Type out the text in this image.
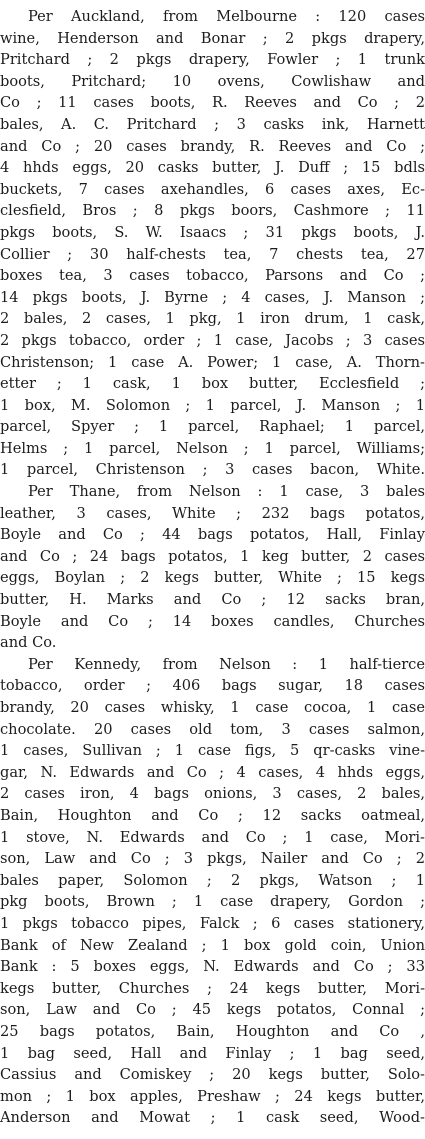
Per Auckland, from Melbourne : 120 cases
wine, Henderson and Bonar ; 2 pkgs drapery,
Pritchard ; 2 pkgs drapery, Fowler ; 1 trunk
boots, Pritchard; 10 ovens, Cowlishaw and
Co ; 11 cases boots, R. Reeves and Co ; 2
bales, A. C. Pritchard ; 3 casks ink, Harnett
and Co ; 20 cases brandy, R. Reeves and Co ;
4 hhds eggs, 20 casks butter, J. Duff ; 15 bdls
buckets, 7 cases axehandles, 6 cases axes, Ec-
clesfield, Bros ; 8 pkgs boors, Cashmore ; 11
pkgs boots, S. W. Isaacs ; 31 pkgs boots, J.
Collier ; 30 half-chests tea, 7 chests tea, 27
boxes tea, 3 cases tobacco, Parsons and Co ;
14 pkgs boots, J. Byrne ; 4 cases, J. Manson ;
2 bales, 2 cases, 1 pkg, 1 iron drum, 1 cask,
2 pkgs tobacco, order ; 1 case, Jacobs ; 3 cases
Christenson; 1 case A. Power; 1 case, A. Thorn-
etter ; 1 cask, 1 box butter, Ecclesfield ;
1 box, M. Solomon ; 1 parcel, J. Manson ; 1
parcel, Spyer ; 1 parcel, Raphael; 1 parcel,
Helms ; 1 parcel, Nelson ; 1 parcel, Williams;
1 parcel, Christenson ; 3 cases bacon, White.
Per Thane, from Nelson : 1 case, 3 bales
leather, 3 cases, White ; 232 bags potatos,
Boyle and Co ; 44 bags potatos, Hall, Finlay
and Co ; 24 bags potatos, 1 keg butter, 2 cases
eggs, Boylan ; 2 kegs butter, White ; 15 kegs
butter, H. Marks and Co ; 12 sacks bran,
Boyle and Co ; 14 boxes candles, Churches
and Co.
Per Kennedy, from Nelson : 1 half-tierce
tobacco, order ; 406 bags sugar, 18 cases
brandy, 20 cases whisky, 1 case cocoa, 1 case
chocolate. 20 cases old tom, 3 cases salmon,
1 cases, Sullivan ; 1 case figs, 5 qr-casks vine-
gar, N. Edwards and Co ; 4 cases, 4 hhds eggs,
2 cases iron, 4 bags onions, 3 cases, 2 bales,
Bain, Houghton and Co ; 12 sacks oatmeal,
1 stove, N. Edwards and Co ; 1 case, Mori-
son, Law and Co ; 3 pkgs, Nailer and Co ; 2
bales paper, Solomon ; 2 pkgs, Watson ; 1
pkg boots, Brown ; 1 case drapery, Gordon ;
1 pkgs tobacco pipes, Falck ; 6 cases stationery,
Bank of New Zealand ; 1 box gold coin, Union
Bank : 5 boxes eggs, N. Edwards and Co ; 33
kegs butter, Churches ; 24 kegs butter, Mori-
son, Law and Co ; 45 kegs potatos, Connal ;
25 bags potatos, Bain, Houghton and Co ,
1 bag seed, Hall and Finlay ; 1 bag seed,
Cassius and Comiskey ; 20 kegs butter, Solo-
mon ; 1 box apples, Preshaw ; 24 kegs butter,
Anderson and Mowat ; 1 cask seed, Wood-
